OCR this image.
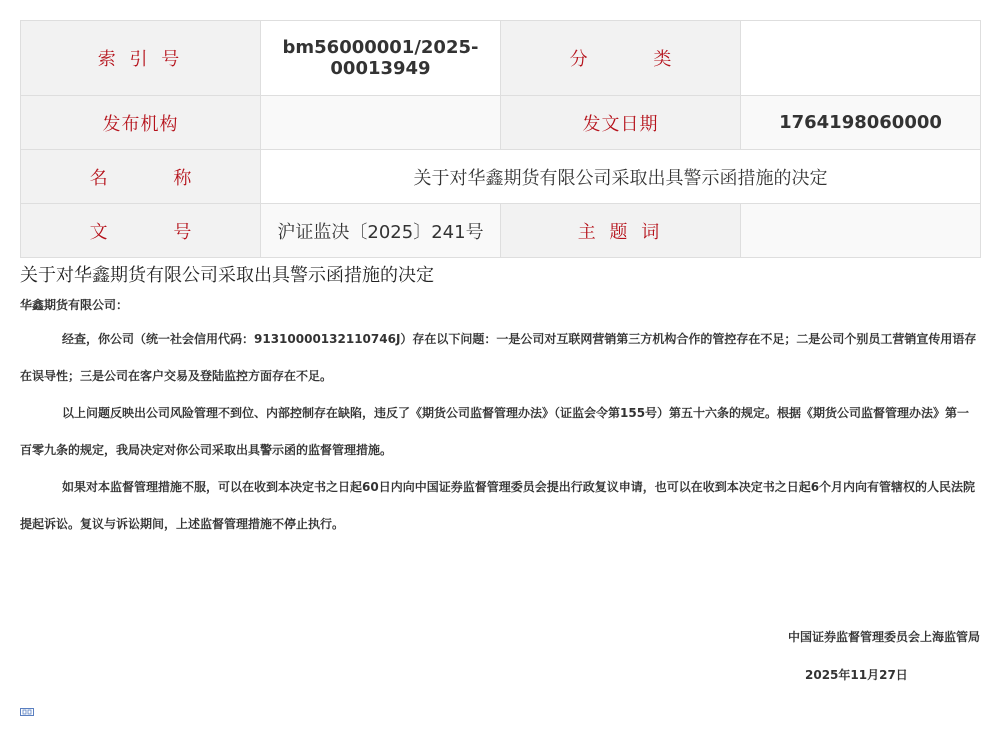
索 引 号	bm56000001/2025-00013949	分 类	
发布机构		发文日期	1764198060000
名 称	关于对华鑫期货有限公司采取出具警示函措施的决定		
文 号	沪证监决〔2025〕241号	主 题 词	
关于对华鑫期货有限公司采取出具警示函措施的决定

华鑫期货有限公司：

经查，你公司（统一社会信用代码：91310000132110746J）存在以下问题：一是公司对互联网营销第三方机构合作的管控存在不足；二是公司个别员工营销宣传用语存在误导性；三是公司在客户交易及登陆监控方面存在不足。

以上问题反映出公司风险管理不到位、内部控制存在缺陷，违反了《期货公司监督管理办法》（证监会令第155号）第五十六条的规定。根据《期货公司监督管理办法》第一百零九条的规定，我局决定对你公司采取出具警示函的监督管理措施。

如果对本监督管理措施不服，可以在收到本决定书之日起60日内向中国证券监督管理委员会提出行政复议申请，也可以在收到本决定书之日起6个月内向有管辖权的人民法院提起诉讼。复议与诉讼期间，上述监督管理措施不停止执行。

中国证券监督管理委员会上海监管局

2025年11月27日
